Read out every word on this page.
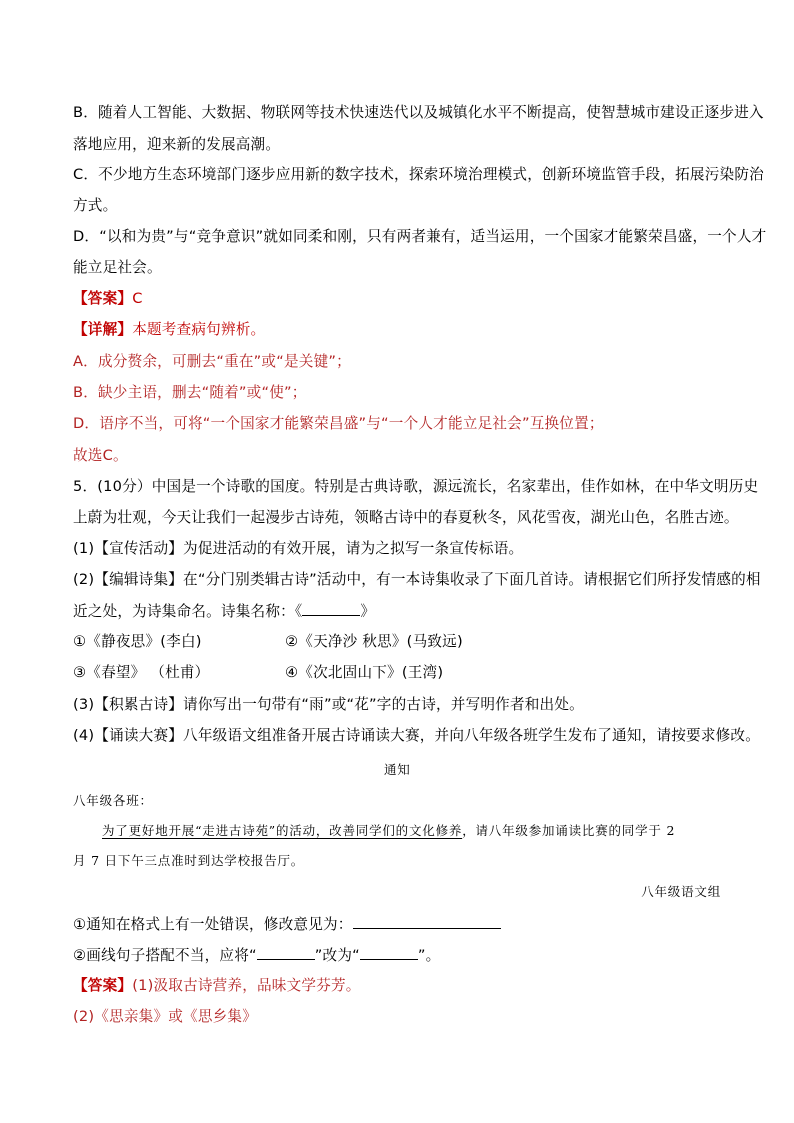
B．随着人工智能、大数据、物联网等技术快速迭代以及城镇化水平不断提高，使智慧城市建设正逐步进入
落地应用，迎来新的发展高潮。
C．不少地方生态环境部门逐步应用新的数字技术，探索环境治理模式，创新环境监管手段，拓展污染防治
方式。
D．“以和为贵”与“竞争意识”就如同柔和刚，只有两者兼有，适当运用，一个国家才能繁荣昌盛，一个人才
能立足社会。
【答案】C
【详解】本题考查病句辨析。
A．成分赘余，可删去“重在”或“是关键”；
B．缺少主语，删去“随着”或“使”；
D．语序不当，可将“一个国家才能繁荣昌盛”与“一个人才能立足社会”互换位置；
故选C。
5．(10分）中国是一个诗歌的国度。特别是古典诗歌，源远流长，名家辈出，佳作如林，在中华文明历史
上蔚为壮观，今天让我们一起漫步古诗苑，领略古诗中的春夏秋冬，风花雪夜，湖光山色，名胜古迹。
(1)【宣传活动】为促进活动的有效开展，请为之拟写一条宣传标语。
(2)【编辑诗集】在“分门别类辑古诗”活动中，有一本诗集收录了下面几首诗。请根据它们所抒发情感的相
近之处，为诗集命名。诗集名称：《	》
①《静夜思》(李白)	②《天净沙 秋思》(马致远)
③《春望》 （杜甫）	④《次北固山下》(王湾)
(3)【积累古诗】请你写出一句带有“雨”或“花”字的古诗，并写明作者和出处。
(4)【诵读大赛】八年级语文组准备开展古诗诵读大赛，并向八年级各班学生发布了通知，请按要求修改。
通知
八年级各班：
为了更好地开展“走进古诗苑”的活动，改善同学们的文化修养，请八年级参加诵读比赛的同学于 2
月 7 日下午三点准时到达学校报告厅。
八年级语文组
①通知在格式上有一处错误，修改意见为：
②画线句子搭配不当，应将“	”改为“	”。
【答案】(1)汲取古诗营养，品味文学芬芳。
(2)《思亲集》或《思乡集》
